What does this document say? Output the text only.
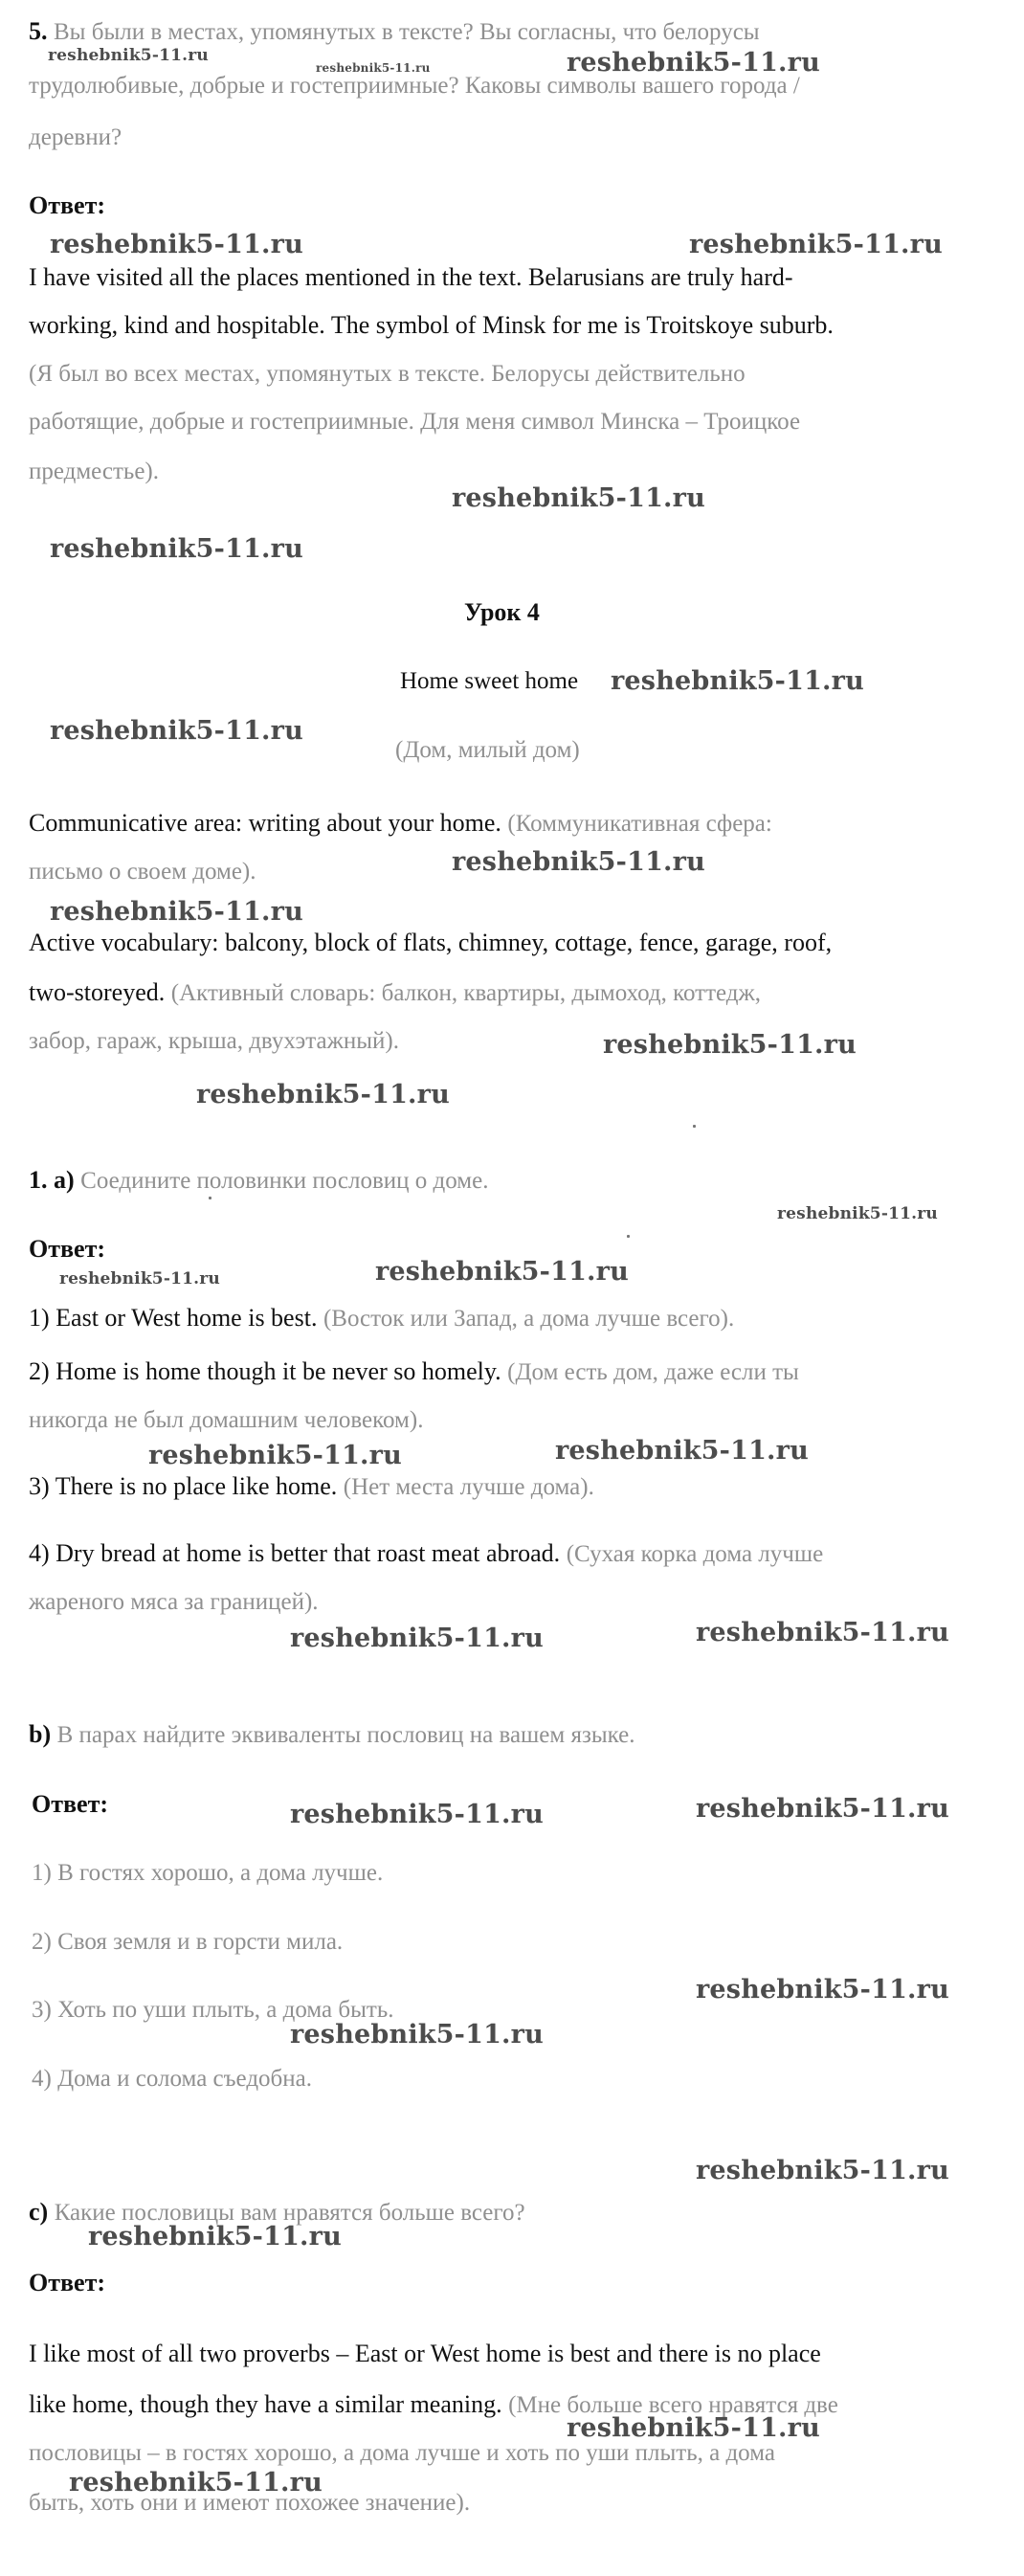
5. Вы были в местах, упомянутых в тексте? Вы согласны, что белорусы
трудолюбивые, добрые и гостеприимные? Каковы символы вашего города /
деревни?
Ответ:
I have visited all the places mentioned in the text. Belarusians are truly hard-
working, kind and hospitable. The symbol of Minsk for me is Troitskoye suburb.
(Я был во всех местах, упомянутых в тексте. Белорусы действительно
работящие, добрые и гостеприимные. Для меня символ Минска – Троицкое
предместье).
Урок 4
Home sweet home
(Дом, милый дом)
Communicative area: writing about your home. (Коммуникативная сфера:
письмо о своем доме).
Active vocabulary: balcony, block of flats, chimney, cottage, fence, garage, roof,
two-storeyed. (Активный словарь: балкон, квартиры, дымоход, коттедж,
забор, гараж, крыша, двухэтажный).
1. a) Соедините половинки пословиц о доме.
Ответ:
1) East or West home is best. (Восток или Запад, а дома лучше всего).
2) Home is home though it be never so homely. (Дом есть дом, даже если ты
никогда не был домашним человеком).
3) There is no place like home. (Нет места лучше дома).
4) Dry bread at home is better that roast meat abroad. (Сухая корка дома лучше
жареного мяса за границей).
b) В парах найдите эквиваленты пословиц на вашем языке.
Ответ:
1) В гостях хорошо, а дома лучше.
2) Своя земля и в горсти мила.
3) Хоть по уши плыть, а дома быть.
4) Дома и солома съедобна.
c) Какие пословицы вам нравятся больше всего?
Ответ:
I like most of all two proverbs – East or West home is best and there is no place
like home, though they have a similar meaning. (Мне больше всего нравятся две
пословицы – в гостях хорошо, а дома лучше и хоть по уши плыть, а дома
быть, хоть они и имеют похожее значение).
reshebnik5-11.ru
reshebnik5-11.ru	reshebnik5-11.ru
reshebnik5-11.ru	reshebnik5-11.ru
reshebnik5-11.ru
reshebnik5-11.ru
reshebnik5-11.ru
reshebnik5-11.ru
reshebnik5-11.ru
reshebnik5-11.ru
reshebnik5-11.ru
reshebnik5-11.ru
reshebnik5-11.ru
reshebnik5-11.ru	reshebnik5-11.ru
reshebnik5-11.ru	reshebnik5-11.ru
reshebnik5-11.ru	reshebnik5-11.ru
reshebnik5-11.ru	reshebnik5-11.ru
reshebnik5-11.ru
reshebnik5-11.ru
reshebnik5-11.ru
reshebnik5-11.ru
reshebnik5-11.ru
reshebnik5-11.ru
